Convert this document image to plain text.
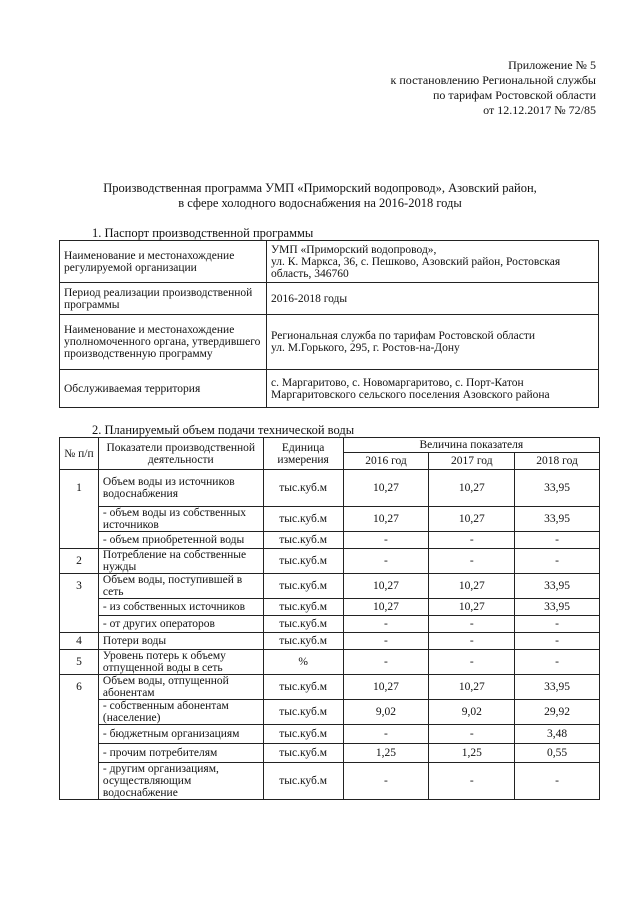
Приложение № 5
к постановлению Региональной службы
по тарифам Ростовской области
от 12.12.2017 № 72/85
Производственная программа УМП «Приморский водопровод», Азовский район,
в сфере холодного водоснабжения на 2016-2018 годы
1. Паспорт производственной программы
Наименование и местонахождение регулируемой организации	УМП «Приморский водопровод»,
ул. К. Маркса, 36, с. Пешково, Азовский район, Ростовская
область, 346760

Период реализации производственной программы	2016-2018 годы

Наименование и местонахождение уполномоченного органа, утвердившего производственную программу	Региональная служба по тарифам Ростовской области
ул. М.Горького, 295, г. Ростов-на-Дону

Обслуживаемая территория	с. Маргаритово, с. Новомаргаритово, с. Порт-Катон
Маргаритовского сельского поселения Азовского района
2. Планируемый объем подачи технической воды
№ п/п	Показатели производственной деятельности	Единица измерения	Величина показателя		
			2016 год	2017 год	2018 год
1	Объем воды из источников водоснабжения	тыс.куб.м	10,27	10,27	33,95
	- объем воды из собственных источников	тыс.куб.м	10,27	10,27	33,95
	- объем приобретенной воды	тыс.куб.м	-	-	-
2	Потребление на собственные нужды	тыс.куб.м	-	-	-
3	Объем воды, поступившей в сеть	тыс.куб.м	10,27	10,27	33,95
	- из собственных источников	тыс.куб.м	10,27	10,27	33,95
	- от других операторов	тыс.куб.м	-	-	-
4	Потери воды	тыс.куб.м	-	-	-
5	Уровень потерь к объему отпущенной воды в сеть	%	-	-	-
6	Объем воды, отпущенной абонентам	тыс.куб.м	10,27	10,27	33,95
	- собственным абонентам (население)	тыс.куб.м	9,02	9,02	29,92
	- бюджетным организациям	тыс.куб.м	-	-	3,48
	- прочим потребителям	тыс.куб.м	1,25	1,25	0,55
	- другим организациям, осуществляющим водоснабжение	тыс.куб.м	-	-	-
